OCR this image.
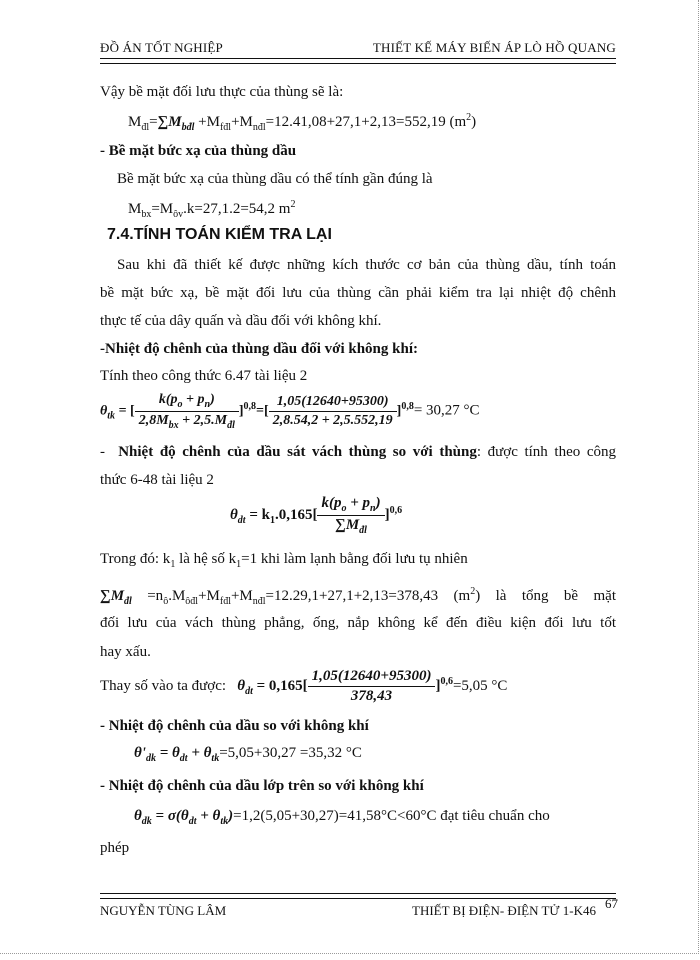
ĐỒ ÁN TỐT NGHIỆP	THIẾT KẾ MÁY BIẾN ÁP LÒ HỒ QUANG
Vậy bề mặt đối lưu thực của thùng sẽ là:
$M_{đl}=\sum M_{bđl} +M_{fđl}+M_{nđl}=12.41,08+27,1+2,13=552,19$ $(m^2)$
- Bề mặt bức xạ của thùng dầu
Bề mặt bức xạ của thùng dầu có thể tính gần đúng là
$M_{bx}=M_{ôv}.k=27,1.2=54,2$ $m^2$
7.4.TÍNH TOÁN KIỂM TRA LẠI
Sau khi đã thiết kế được những kích thước cơ bản của thùng dầu, tính toán
bề mặt bức xạ, bề mặt đối lưu của thùng cần phải kiểm tra lại nhiệt độ chênh
thực tế của dây quấn và dầu đối với không khí.
-Nhiệt độ chênh của thùng dầu đối với không khí:
Tính theo công thức 6.47 tài liệu 2
$\theta_{tk}$ = [ $\frac{k(p_o + p_n)}{2,8M_{bx} + 2,5.M_{đl}} ]^{0,8}=[ \frac{1,05(12640+95300)}{2,8.54,2 + 2,5.552,19} ]^{0,8}= 30,27$ °C
-  Nhiệt độ chênh của dầu sát vách thùng so với thùng: được tính theo công
thức 6-48 tài liệu 2
$\theta_{dt} = k_1.0,165[ \frac{k(p_o + p_n)}{\sum M_{đl}} ]^{0,6}$
Trong đó: $k_1$ là hệ số $k_1=1$ khi làm lạnh bằng đối lưu tụ nhiên
$\sum M_{đl} =n_ô.M_{ôđl}+M_{fđl}+M_{nđl}=12.29,1+27,1+2,13=378,43$ $(m^2)$ là tổng bề mặt
đối lưu của vách thùng phẳng, ống, nắp không kể đến điều kiện đối lưu tốt
hay xấu.
Thay số vào ta được: $\theta_{dt} = 0,165[ \frac{1,05(12640+95300)}{378,43} ]^{0,6}=5,05$ °C
- Nhiệt độ chênh của dầu so với không khí
$\theta'_{dk} = \theta_{dt} + \theta_{tk}=5,05+30,27 =35,32$ °C
- Nhiệt độ chênh của dầu lớp trên so với không khí
$\theta_{dk} = \sigma(\theta_{dt} + \theta_{tk})=1,2(5,05+30,27)=41,58^\circ C<60^\circ C$ đạt tiêu chuẩn cho
phép
NGUYỄN TÙNG LÂM	THIẾT BỊ ĐIỆN- ĐIỆN TỬ 1-K46 67
